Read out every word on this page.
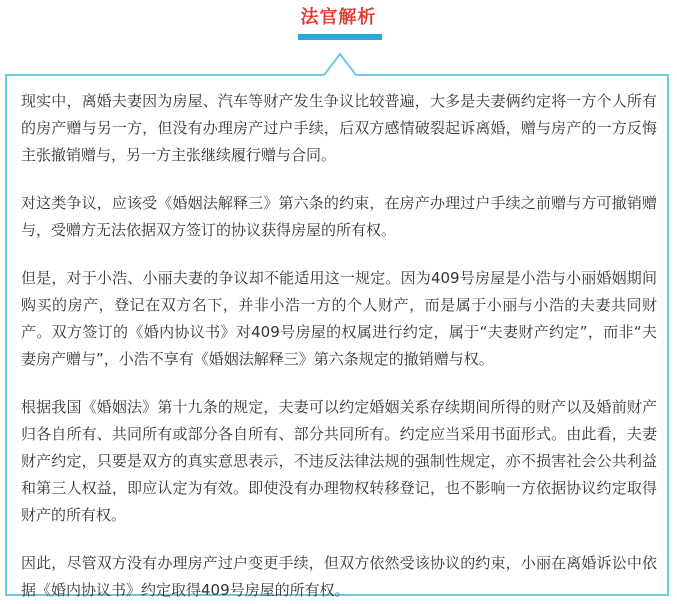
法官解析

现实中，离婚夫妻因为房屋、汽车等财产发生争议比较普遍，大多是夫妻俩约定将一方个人所有的房产赠与另一方，但没有办理房产过户手续，后双方感情破裂起诉离婚，赠与房产的一方反悔主张撤销赠与，另一方主张继续履行赠与合同。

对这类争议，应该受《婚姻法解释三》第六条的约束，在房产办理过户手续之前赠与方可撤销赠与，受赠方无法依据双方签订的协议获得房屋的所有权。

但是，对于小浩、小丽夫妻的争议却不能适用这一规定。因为409号房屋是小浩与小丽婚姻期间购买的房产，登记在双方名下，并非小浩一方的个人财产，而是属于小丽与小浩的夫妻共同财产。双方签订的《婚内协议书》对409号房屋的权属进行约定，属于“夫妻财产约定”，而非“夫妻房产赠与”，小浩不享有《婚姻法解释三》第六条规定的撤销赠与权。

根据我国《婚姻法》第十九条的规定，夫妻可以约定婚姻关系存续期间所得的财产以及婚前财产归各自所有、共同所有或部分各自所有、部分共同所有。约定应当采用书面形式。由此看，夫妻财产约定，只要是双方的真实意思表示，不违反法律法规的强制性规定，亦不损害社会公共利益和第三人权益，即应认定为有效。即使没有办理物权转移登记，也不影响一方依据协议约定取得财产的所有权。

因此，尽管双方没有办理房产过户变更手续，但双方依然受该协议的约束，小丽在离婚诉讼中依据《婚内协议书》约定取得409号房屋的所有权。
